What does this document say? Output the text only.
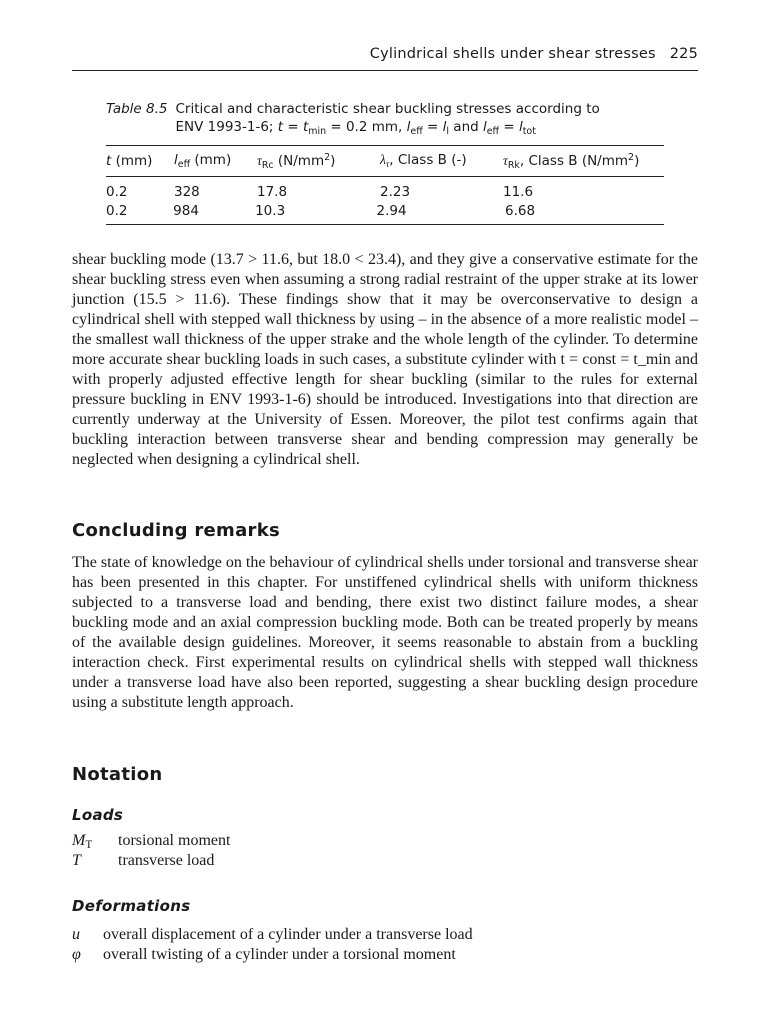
Cylindrical shells under shear stresses 225
Table 8.5 Critical and characteristic shear buckling stresses according to
ENV 1993-1-6; $t = t_{min} = 0.2$ mm, $l_{eff} = l_l$ and $l_{eff} = l_{tot}$
t (mm)	$l_{eff}$ (mm)	$\tau_{Rc}$ $(N/mm^2)$	$\lambda_\tau$, Class B (-)	$\tau_{Rk}$, Class B $(N/mm^2)$
0.2	328	17.8	2.23	11.6
0.2	984	10.3	2.94	6.68
shear buckling mode (13.7 > 11.6, but 18.0 < 23.4), and they give a conservative estimate for the shear buckling stress even when assuming a strong radial restraint of the upper strake at its lower junction (15.5 > 11.6). These findings show that it may be overconservative to design a cylindrical shell with stepped wall thickness by using – in the absence of a more realistic model – the smallest wall thickness of the upper strake and the whole length of the cylinder. To determine more accurate shear buckling loads in such cases, a substitute cylinder with t = const = t_min and with properly adjusted effective length for shear buckling (similar to the rules for external pressure buckling in ENV 1993-1-6) should be introduced. Investigations into that direction are currently underway at the University of Essen. Moreover, the pilot test confirms again that buckling interaction between transverse shear and bending compression may generally be neglected when designing a cylindrical shell.
Concluding remarks
The state of knowledge on the behaviour of cylindrical shells under torsional and transverse shear has been presented in this chapter. For unstiffened cylindrical shells with uniform thickness subjected to a transverse load and bending, there exist two distinct failure modes, a shear buckling mode and an axial compression buckling mode. Both can be treated properly by means of the available design guidelines. Moreover, it seems reasonable to abstain from a buckling interaction check. First experimental results on cylindrical shells with stepped wall thickness under a transverse load have also been reported, suggesting a shear buckling design procedure using a substitute length approach.
Notation
Loads
$M_T$ torsional moment
T transverse load
Deformations
u overall displacement of a cylinder under a transverse load
φ overall twisting of a cylinder under a torsional moment
